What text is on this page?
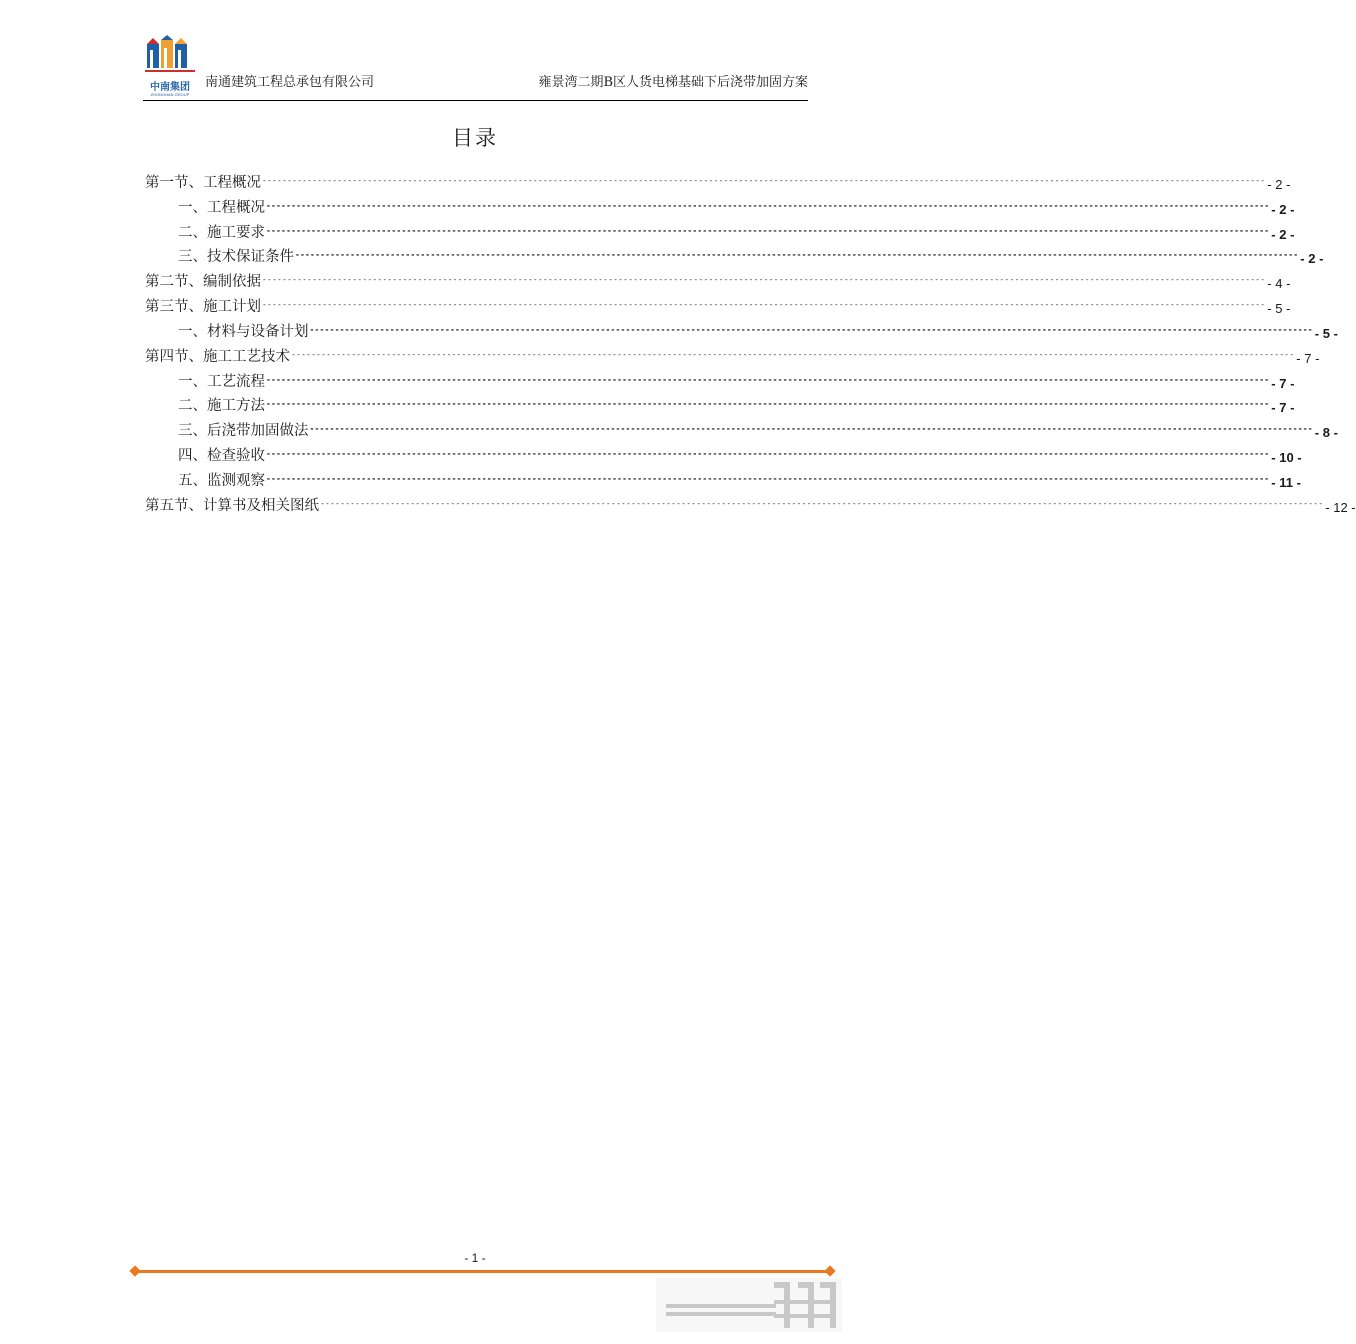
中南集团
ZHONGNAN GROUP
南通建筑工程总承包有限公司	雍景湾二期B区人货电梯基础下后浇带加固方案
目录
第一节、工程概况 -------------------------------------------------------------------------------------------------------------------------------------------------------------------------------------------------------- - 2 -
一、工程概况 -------------------------------------------------------------------------------------------------------------------------------------------------------------------------------------------------------- - 2 -
二、施工要求 -------------------------------------------------------------------------------------------------------------------------------------------------------------------------------------------------------- - 2 -
三、技术保证条件 -------------------------------------------------------------------------------------------------------------------------------------------------------------------------------------------------------- - 2 -
第二节、编制依据 -------------------------------------------------------------------------------------------------------------------------------------------------------------------------------------------------------- - 4 -
第三节、施工计划 -------------------------------------------------------------------------------------------------------------------------------------------------------------------------------------------------------- - 5 -
一、材料与设备计划 -------------------------------------------------------------------------------------------------------------------------------------------------------------------------------------------------------- - 5 -
第四节、施工工艺技术 -------------------------------------------------------------------------------------------------------------------------------------------------------------------------------------------------------- - 7 -
一、工艺流程 -------------------------------------------------------------------------------------------------------------------------------------------------------------------------------------------------------- - 7 -
二、施工方法 -------------------------------------------------------------------------------------------------------------------------------------------------------------------------------------------------------- - 7 -
三、后浇带加固做法 -------------------------------------------------------------------------------------------------------------------------------------------------------------------------------------------------------- - 8 -
四、检查验收 -------------------------------------------------------------------------------------------------------------------------------------------------------------------------------------------------------- - 10 -
五、监测观察 -------------------------------------------------------------------------------------------------------------------------------------------------------------------------------------------------------- - 11 -
第五节、计算书及相关图纸 -------------------------------------------------------------------------------------------------------------------------------------------------------------------------------------------------------- - 12 -
- 1 -
